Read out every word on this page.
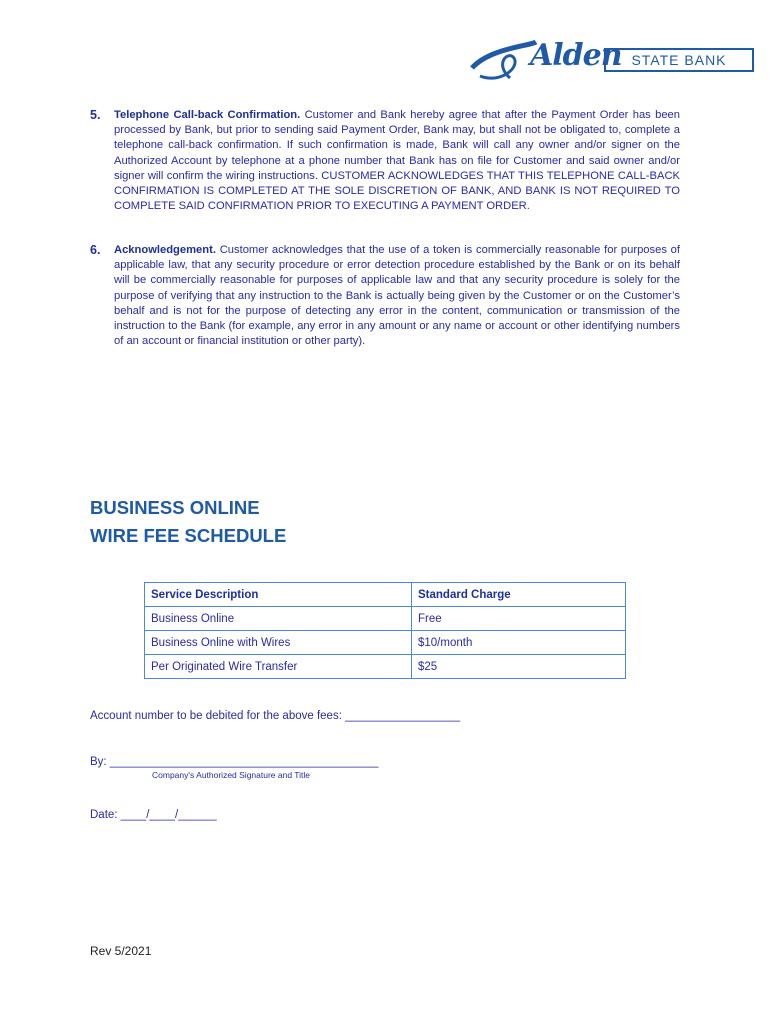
Alden STATE BANK
5. Telephone Call-back Confirmation. Customer and Bank hereby agree that after the Payment Order has been processed by Bank, but prior to sending said Payment Order, Bank may, but shall not be obligated to, complete a telephone call-back confirmation. If such confirmation is made, Bank will call any owner and/or signer on the Authorized Account by telephone at a phone number that Bank has on file for Customer and said owner and/or signer will confirm the wiring instructions. CUSTOMER ACKNOWLEDGES THAT THIS TELEPHONE CALL-BACK CONFIRMATION IS COMPLETED AT THE SOLE DISCRETION OF BANK, AND BANK IS NOT REQUIRED TO COMPLETE SAID CONFIRMATION PRIOR TO EXECUTING A PAYMENT ORDER.
6. Acknowledgement. Customer acknowledges that the use of a token is commercially reasonable for purposes of applicable law, that any security procedure or error detection procedure established by the Bank or on its behalf will be commercially reasonable for purposes of applicable law and that any security procedure is solely for the purpose of verifying that any instruction to the Bank is actually being given by the Customer or on the Customer’s behalf and is not for the purpose of detecting any error in the content, communication or transmission of the instruction to the Bank (for example, any error in any amount or any name or account or other identifying numbers of an account or financial institution or other party).
BUSINESS ONLINE
WIRE FEE SCHEDULE
Service Description	Standard Charge
Business Online	Free
Business Online with Wires	$10/month
Per Originated Wire Transfer	$25
Account number to be debited for the above fees: __________________
By: __________________________________________
Company's Authorized Signature and Title
Date: ____/____/______
Rev 5/2021
